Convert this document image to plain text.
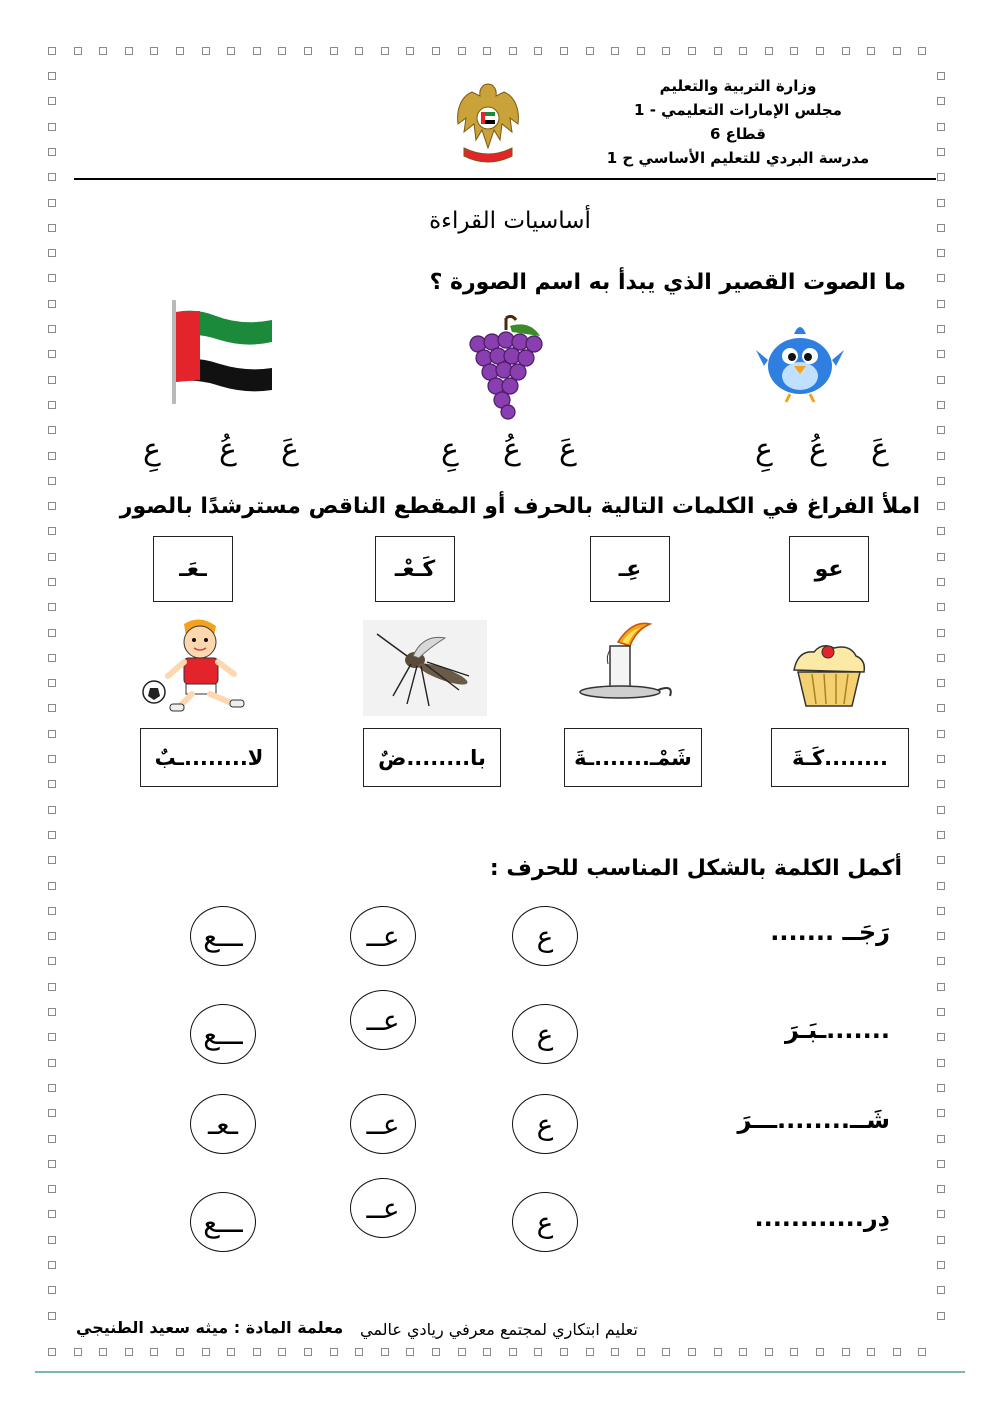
وزارة التربية والتعليم
مجلس الإمارات التعليمي - 1
قطاع 6
مدرسة البردي للتعليم الأساسي ح 1
أساسيات القراءة
ما الصوت القصير الذي يبدأ به اسم الصورة ؟
عَ
عُ
عِ
عَ
عُ
عِ
عَ
عُ
عِ
املأ الفراغ في الكلمات التالية بالحرف أو المقطع الناقص مسترشدًا بالصور
عو
عِـ
كَـعْـ
ـعَـ
........كَـةَ
شَمْـ.......ـةَ
با........ضٌ
لا........ـبٌ
أكمل الكلمة بالشكل المناسب للحرف :
رَجَــ .......
ع
عــ
ـــع
.......ـبَـرَ
ع
عــ
ـــع
شَــ........ـــرَ
ع
عــ
ـعـ
دِر............
ع
عــ
ـــع
معلمة المادة : ميثه سعيد الطنيجي تعليم ابتكاري لمجتمع معرفي ريادي عالمي
